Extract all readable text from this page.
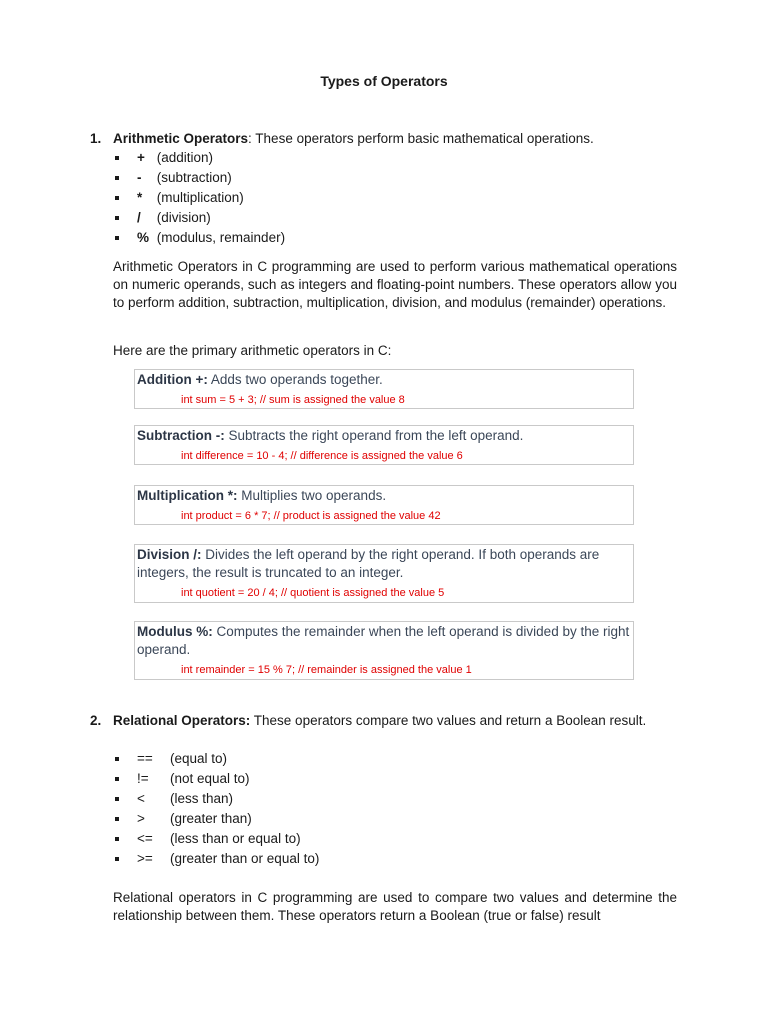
Types of Operators
1. Arithmetic Operators: These operators perform basic mathematical operations.
+ (addition)
- (subtraction)
* (multiplication)
/ (division)
% (modulus, remainder)
Arithmetic Operators in C programming are used to perform various mathematical operations on numeric operands, such as integers and floating-point numbers. These operators allow you to perform addition, subtraction, multiplication, division, and modulus (remainder) operations.
Here are the primary arithmetic operators in C:
Addition +: Adds two operands together.
int sum = 5 + 3; // sum is assigned the value 8
Subtraction -: Subtracts the right operand from the left operand.
int difference = 10 - 4; // difference is assigned the value 6
Multiplication *: Multiplies two operands.
int product = 6 * 7; // product is assigned the value 42
Division /: Divides the left operand by the right operand. If both operands are integers, the result is truncated to an integer.
int quotient = 20 / 4; // quotient is assigned the value 5
Modulus %: Computes the remainder when the left operand is divided by the right operand.
int remainder = 15 % 7; // remainder is assigned the value 1
2. Relational Operators: These operators compare two values and return a Boolean result.
== (equal to)
!= (not equal to)
< (less than)
> (greater than)
<= (less than or equal to)
>= (greater than or equal to)
Relational operators in C programming are used to compare two values and determine the relationship between them. These operators return a Boolean (true or false) result
